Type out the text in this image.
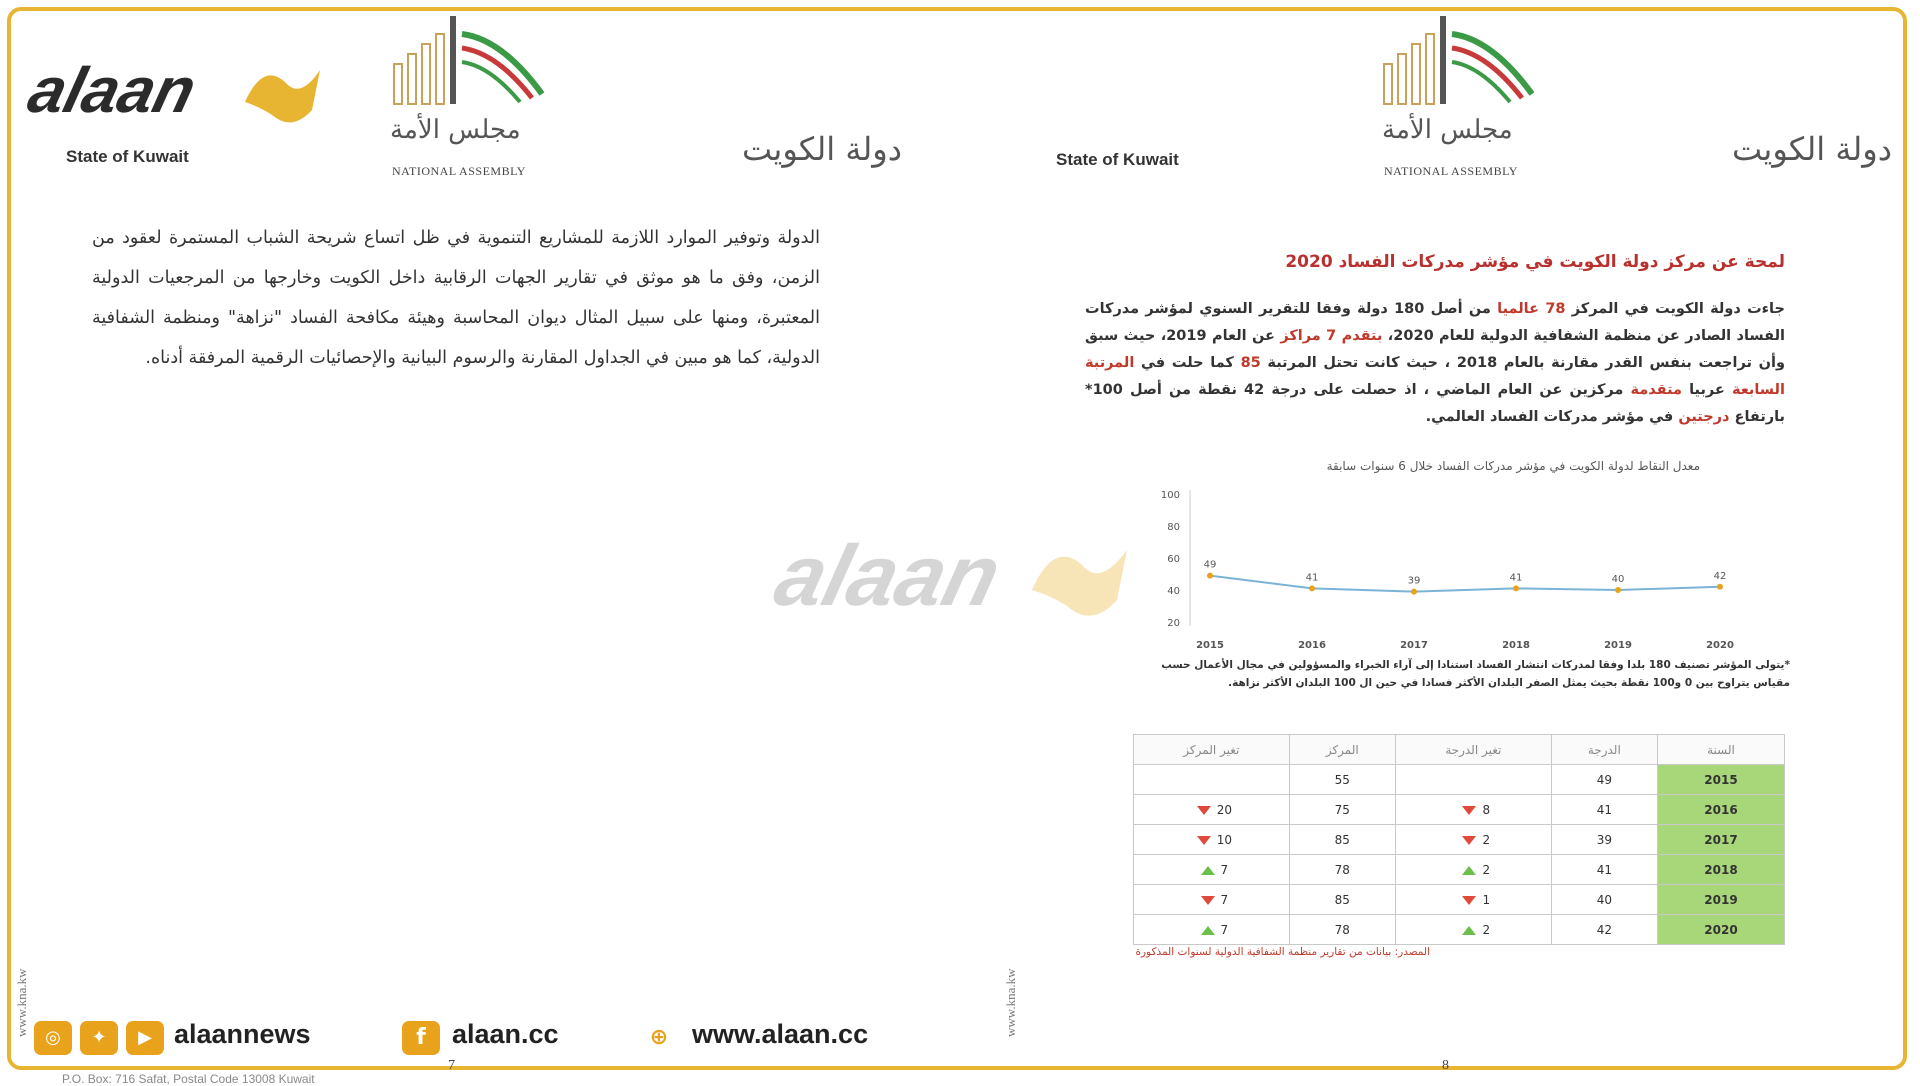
alaan
State of Kuwait
مجلس الأمة
NATIONAL ASSEMBLY
دولة الكويت
الدولة وتوفير الموارد اللازمة للمشاريع التنموية في ظل اتساع شريحة الشباب المستمرة لعقود من الزمن، وفق ما هو موثق في تقارير الجهات الرقابية داخل الكويت وخارجها من المرجعيات الدولية المعتبرة، ومنها على سبيل المثال ديوان المحاسبة وهيئة مكافحة الفساد "نزاهة" ومنظمة الشفافية الدولية، كما هو مبين في الجداول المقارنة والرسوم البيانية والإحصائيات الرقمية المرفقة أدناه.
alaan
State of Kuwait
مجلس الأمة
NATIONAL ASSEMBLY
دولة الكويت
لمحة عن مركز دولة الكويت في مؤشر مدركات الفساد 2020
جاءت دولة الكويت في المركز 78 عالميا من أصل 180 دولة وفقا للتقرير السنوي لمؤشر مدركات الفساد الصادر عن منظمة الشفافية الدولية للعام 2020، بتقدم 7 مراكز عن العام 2019، حيث سبق وأن تراجعت بنفس القدر مقارنة بالعام 2018 ، حيث كانت تحتل المرتبة 85 كما حلت في المرتبة السابعة عربيا متقدمة مركزين عن العام الماضي ، اذ حصلت على درجة 42 نقطة من أصل 100* بارتفاع درجتين في مؤشر مدركات الفساد العالمي.
معدل النقاط لدولة الكويت في مؤشر مدركات الفساد خلال 6 سنوات سابقة
20
40
60
80
100
49
2015
41
2016
39
2017
41
2018
40
2019
42
2020
*يتولى المؤشر تصنيف 180 بلدا وفقا لمدركات انتشار الفساد استنادا إلى آراء الخبراء والمسؤولين في مجال الأعمال حسب مقياس يتراوح بين 0 و100 نقطة بحيث يمثل الصفر البلدان الأكثر فسادا في حين ال 100 البلدان الأكثر نزاهة.
السنة	الدرجة	تغير الدرجة	المركز	تغير المركز
2015	49		55	
2016	41	8	75	20
2017	39	2	85	10
2018	41	2	78	7
2019	40	1	85	7
2020	42	2	78	7
المصدر: بيانات من تقارير منظمة الشفافية الدولية لسنوات المذكورة
www.kna.kw	www.kna.kw
7	8
P.O. Box: 716 Safat, Postal Code 13008 Kuwait
◎	✦	▶ alaannews	f alaan.cc	⊕ www.alaan.cc
